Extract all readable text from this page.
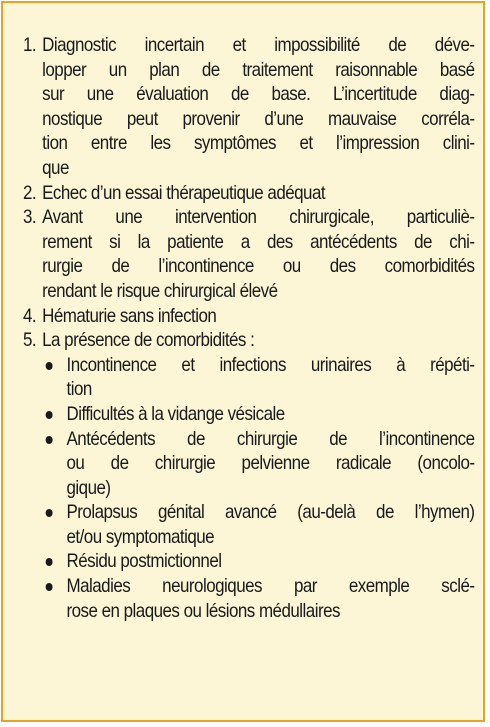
1. Diagnostic incertain et impossibilité de déve-
lopper un plan de traitement raisonnable basé
sur une évaluation de base. L’incertitude diag-
nostique peut provenir d’une mauvaise corréla-
tion entre les symptômes et l’impression clini-
que
2. Echec d’un essai thérapeutique adéquat
3. Avant une intervention chirurgicale, particuliè-
rement si la patiente a des antécédents de chi-
rurgie de l’incontinence ou des comorbidités
rendant le risque chirurgical élevé
4. Hématurie sans infection
5. La présence de comorbidités :
Incontinence et infections urinaires à répéti-
tion
Difficultés à la vidange vésicale
Antécédents de chirurgie de l’incontinence
ou de chirurgie pelvienne radicale (oncolo-
gique)
Prolapsus génital avancé (au-delà de l’hymen)
et/ou symptomatique
Résidu postmictionnel
Maladies neurologiques par exemple sclé-
rose en plaques ou lésions médullaires
